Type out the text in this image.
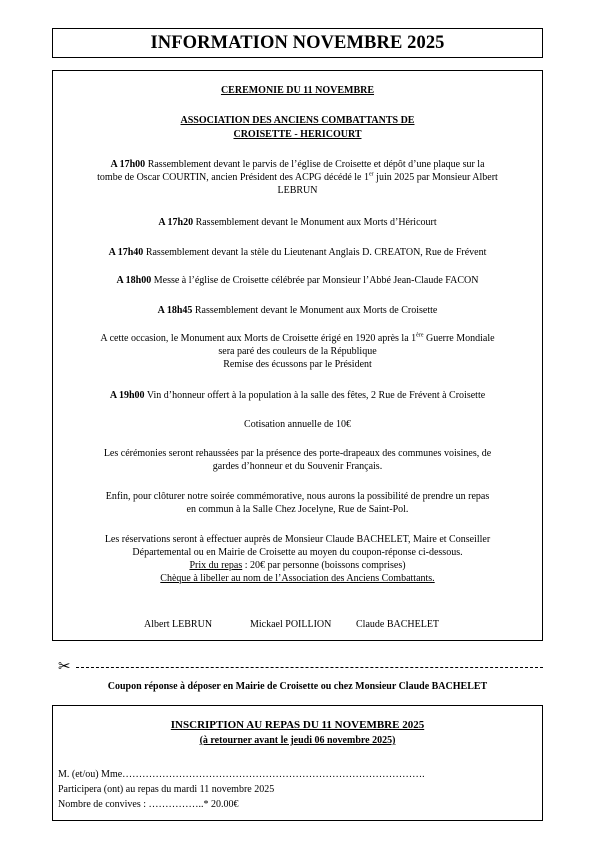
INFORMATION NOVEMBRE 2025
CEREMONIE DU 11 NOVEMBRE
ASSOCIATION DES ANCIENS COMBATTANTS DE
CROISETTE - HERICOURT
A 17h00 Rassemblement devant le parvis de l’église de Croisette et dépôt d’une plaque sur la
tombe de Oscar COURTIN, ancien Président des ACPG décédé le 1er juin 2025 par Monsieur Albert
LEBRUN
A 17h20 Rassemblement devant le Monument aux Morts d’Héricourt
A 17h40 Rassemblement devant la stèle du Lieutenant Anglais D. CREATON, Rue de Frévent
A 18h00 Messe à l’église de Croisette célébrée par Monsieur l’Abbé Jean-Claude FACON
A 18h45 Rassemblement devant le Monument aux Morts de Croisette
A cette occasion, le Monument aux Morts de Croisette érigé en 1920 après la 1ère Guerre Mondiale
sera paré des couleurs de la République
Remise des écussons par le Président
A 19h00 Vin d’honneur offert à la population à la salle des fêtes, 2 Rue de Frévent à Croisette
Cotisation annuelle de 10€
Les cérémonies seront rehaussées par la présence des porte-drapeaux des communes voisines, de
gardes d’honneur et du Souvenir Français.
Enfin, pour clôturer notre soirée commémorative, nous aurons la possibilité de prendre un repas
en commun à la Salle Chez Jocelyne, Rue de Saint-Pol.
Les réservations seront à effectuer auprès de Monsieur Claude BACHELET, Maire et Conseiller
Départemental ou en Mairie de Croisette au moyen du coupon-réponse ci-dessous.
Prix du repas : 20€ par personne (boissons comprises)
Chèque à libeller au nom de l’Association des Anciens Combattants.
Albert LEBRUN	Mickael POILLION Claude BACHELET
✂
Coupon réponse à déposer en Mairie de Croisette ou chez Monsieur Claude BACHELET
INSCRIPTION AU REPAS DU 11 NOVEMBRE 2025
(à retourner avant le jeudi 06 novembre 2025)
M. (et/ou) Mme……………………………………………………………………………….
Participera (ont) au repas du mardi 11 novembre 2025
Nombre de convives : ……………..* 20.00€
